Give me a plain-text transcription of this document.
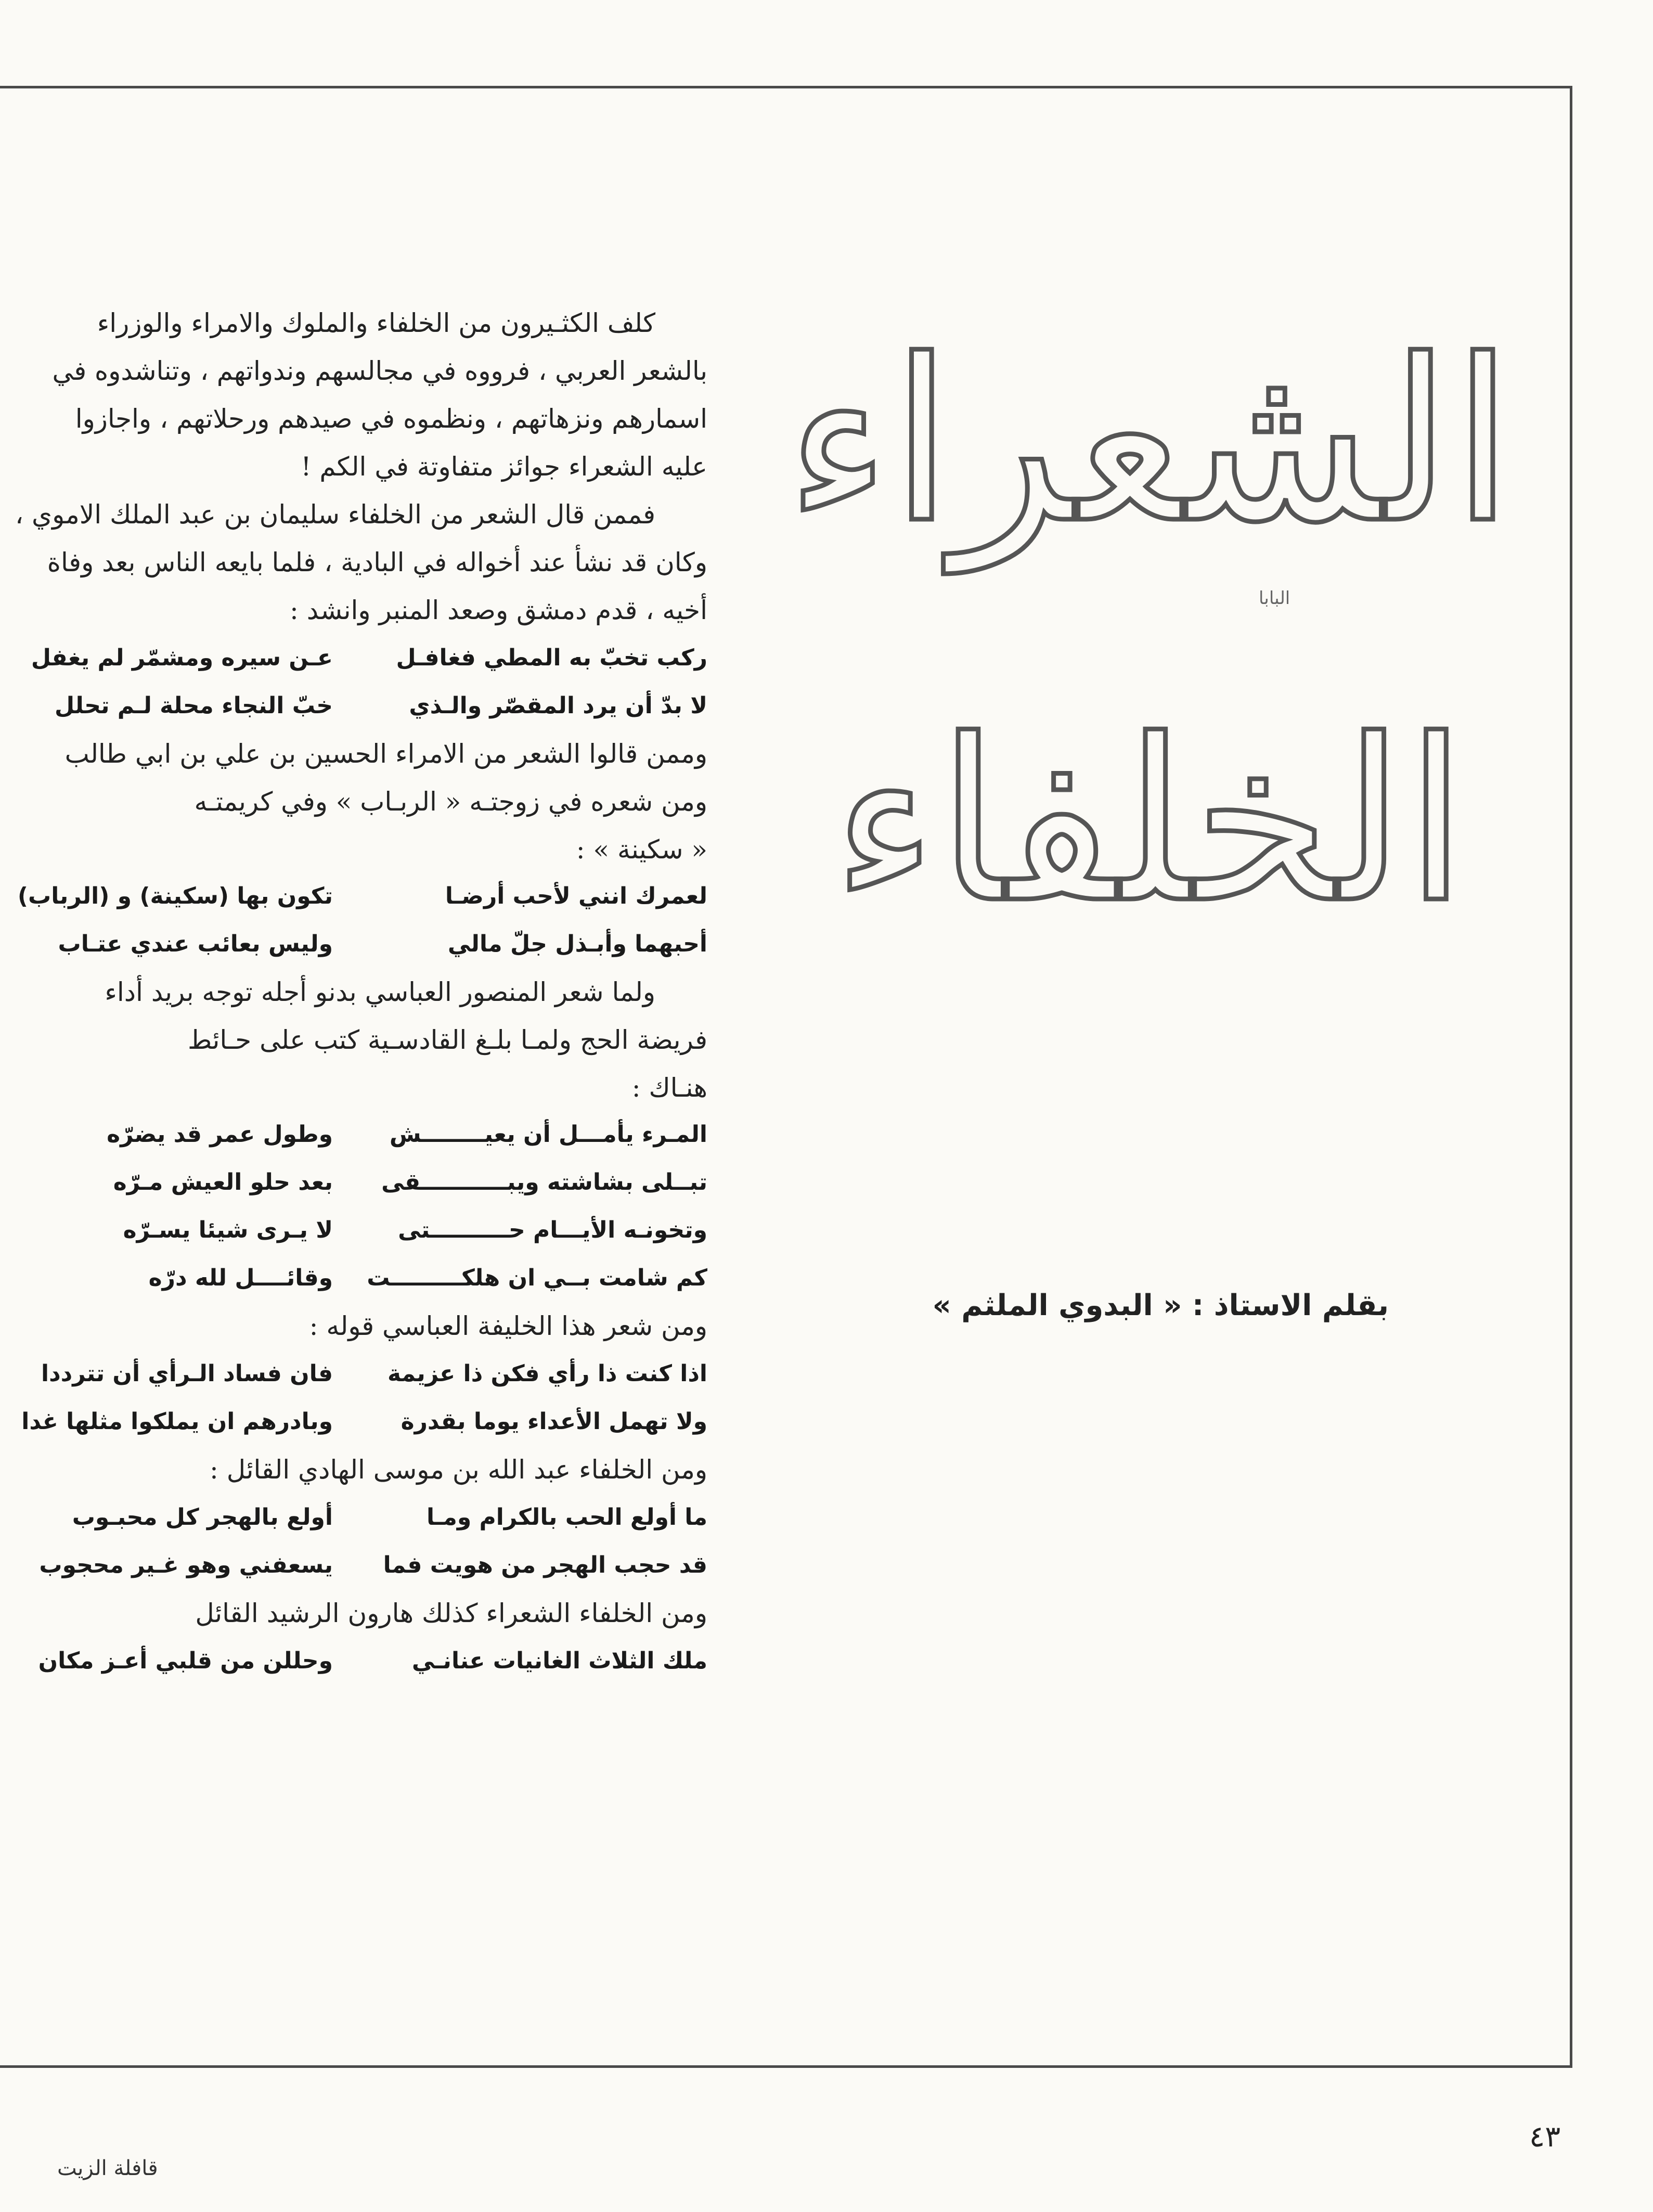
الشعراء
الخلفاء
البابا
بقلم الاستاذ : « البدوي الملثم »
كلف الكثـيرون من الخلفاء والملوك والامراء والوزراء
بالشعر العربي ، فرووه في مجالسهم وندواتهم ، وتناشدوه في
اسمارهم ونزهاتهم ، ونظموه في صيدهم ورحلاتهم ، واجازوا
عليه الشعراء جوائز متفاوتة في الكم !
فممن قال الشعر من الخلفاء سليمان بن عبد الملك الاموي ،
وكان قد نشأ عند أخواله في البادية ، فلما بايعه الناس بعد وفاة
أخيه ، قدم دمشق وصعد المنبر وانشد :
ركب تخبّ به المطي فغافـل
عـن سيره ومشمّر لم يغفل
لا بدّ أن يرد المقصّر والـذي
خبّ النجاء محلة لـم تحلل
وممن قالوا الشعر من الامراء الحسين بن علي بن ابي طالب
ومن شعره في زوجتـه « الربـاب » وفي كريمتـه
« سكينة » :
لعمرك انني لأحب أرضـا
تكون بها (سكينة) و (الرباب)
أحبهما وأبـذل جلّ مالي
وليس بعائب عندي عتـاب
ولما شعر المنصور العباسي بدنو أجله توجه بريد أداء
فريضة الحج ولمـا بلـغ القادسـية كتب على حـائط
هنـاك :
المـرء يأمـــل أن يعيــــــــش
وطول عمر قد يضرّه
تبــلى بشاشته ويبـــــــــــقى
بعد حلو العيش مـرّه
وتخونـه الأيـــام حــــــــــتى
لا يـرى شيئا يسـرّه
كم شامت بــي ان هلكـــــــــت
وقائــــل لله درّه
ومن شعر هذا الخليفة العباسي قوله :
اذا كنت ذا رأي فكن ذا عزيمة
فان فساد الـرأي أن تترددا
ولا تهمل الأعداء يوما بقدرة
وبادرهم ان يملكوا مثلها غدا
ومن الخلفاء عبد الله بن موسى الهادي القائل :
ما أولع الحب بالكرام ومـا
أولع بالهجر كل محبـوب
قد حجب الهجر من هويت فما
يسعفني وهو غـير محجوب
ومن الخلفاء الشعراء كذلك هارون الرشيد القائل
ملك الثلاث الغانيات عنانـي
وحللن من قلبي أعـز مكان
٤٣
قافلة الزيت
